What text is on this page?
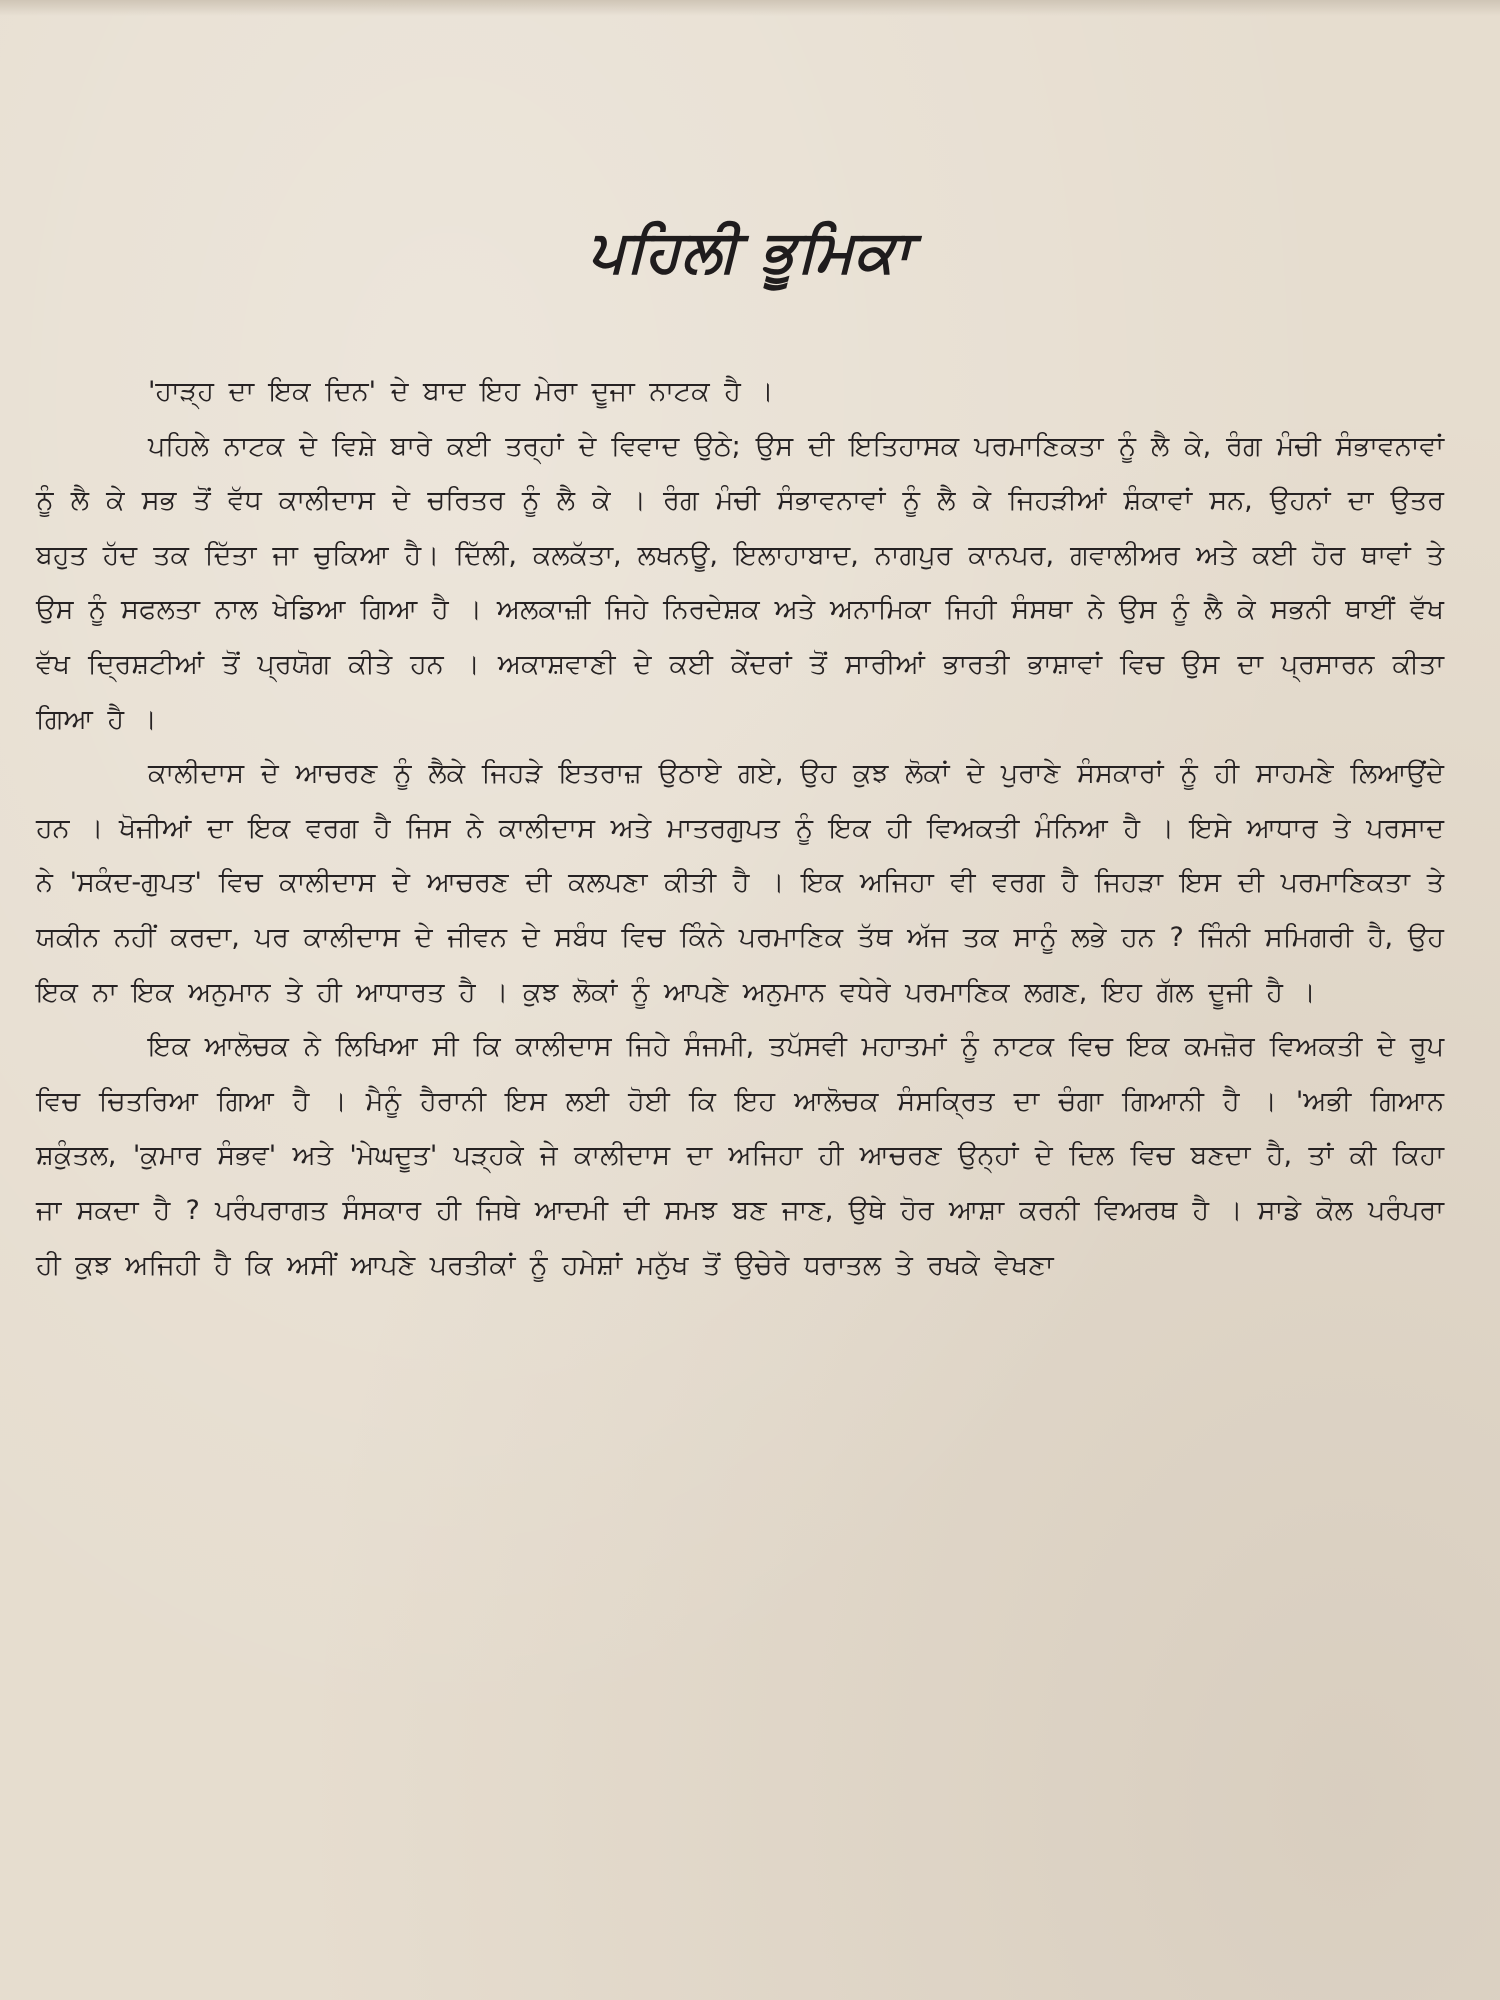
ਪਹਿਲੀ ਭੂਮਿਕਾ

'ਹਾੜ੍ਹ ਦਾ ਇਕ ਦਿਨ' ਦੇ ਬਾਦ ਇਹ ਮੇਰਾ ਦੂਜਾ ਨਾਟਕ ਹੈ ।

ਪਹਿਲੇ ਨਾਟਕ ਦੇ ਵਿਸ਼ੇ ਬਾਰੇ ਕਈ ਤਰ੍ਹਾਂ ਦੇ ਵਿਵਾਦ ਉਠੇ; ਉਸ ਦੀ ਇਤਿਹਾਸਕ ਪਰਮਾਣਿਕਤਾ ਨੂੰ ਲੈ ਕੇ, ਰੰਗ ਮੰਚੀ ਸੰਭਾਵਨਾਵਾਂ ਨੂੰ ਲੈ ਕੇ ਸਭ ਤੋਂ ਵੱਧ ਕਾਲੀਦਾਸ ਦੇ ਚਰਿਤਰ ਨੂੰ ਲੈ ਕੇ । ਰੰਗ ਮੰਚੀ ਸੰਭਾਵਨਾਵਾਂ ਨੂੰ ਲੈ ਕੇ ਜਿਹੜੀਆਂ ਸ਼ੰਕਾਵਾਂ ਸਨ, ਉਹਨਾਂ ਦਾ ਉਤਰ ਬਹੁਤ ਹੱਦ ਤਕ ਦਿੱਤਾ ਜਾ ਚੁਕਿਆ ਹੈ। ਦਿੱਲੀ, ਕਲਕੱਤਾ, ਲਖਨਊ, ਇਲਾਹਾਬਾਦ, ਨਾਗਪੁਰ ਕਾਨਪਰ, ਗਵਾਲੀਅਰ ਅਤੇ ਕਈ ਹੋਰ ਥਾਵਾਂ ਤੇ ਉਸ ਨੂੰ ਸਫਲਤਾ ਨਾਲ ਖੇਡਿਆ ਗਿਆ ਹੈ । ਅਲਕਾਜ਼ੀ ਜਿਹੇ ਨਿਰਦੇਸ਼ਕ ਅਤੇ ਅਨਾਮਿਕਾ ਜਿਹੀ ਸੰਸਥਾ ਨੇ ਉਸ ਨੂੰ ਲੈ ਕੇ ਸਭਨੀ ਥਾਈਂ ਵੱਖ ਵੱਖ ਦ੍ਰਿਸ਼ਟੀਆਂ ਤੋਂ ਪ੍ਰਯੋਗ ਕੀਤੇ ਹਨ । ਅਕਾਸ਼ਵਾਣੀ ਦੇ ਕਈ ਕੇਂਦਰਾਂ ਤੋਂ ਸਾਰੀਆਂ ਭਾਰਤੀ ਭਾਸ਼ਾਵਾਂ ਵਿਚ ਉਸ ਦਾ ਪ੍ਰਸਾਰਨ ਕੀਤਾ ਗਿਆ ਹੈ ।

ਕਾਲੀਦਾਸ ਦੇ ਆਚਰਣ ਨੂੰ ਲੈਕੇ ਜਿਹੜੇ ਇਤਰਾਜ਼ ਉਠਾਏ ਗਏ, ਉਹ ਕੁਝ ਲੋਕਾਂ ਦੇ ਪੁਰਾਣੇ ਸੰਸਕਾਰਾਂ ਨੂੰ ਹੀ ਸਾਹਮਣੇ ਲਿਆਉਂਦੇ ਹਨ । ਖੋਜੀਆਂ ਦਾ ਇਕ ਵਰਗ ਹੈ ਜਿਸ ਨੇ ਕਾਲੀਦਾਸ ਅਤੇ ਮਾਤਰਗੁਪਤ ਨੂੰ ਇਕ ਹੀ ਵਿਅਕਤੀ ਮੰਨਿਆ ਹੈ । ਇਸੇ ਆਧਾਰ ਤੇ ਪਰਸਾਦ ਨੇ 'ਸਕੰਦ-ਗੁਪਤ' ਵਿਚ ਕਾਲੀਦਾਸ ਦੇ ਆਚਰਣ ਦੀ ਕਲਪਣਾ ਕੀਤੀ ਹੈ । ਇਕ ਅਜਿਹਾ ਵੀ ਵਰਗ ਹੈ ਜਿਹੜਾ ਇਸ ਦੀ ਪਰਮਾਣਿਕਤਾ ਤੇ ਯਕੀਨ ਨਹੀਂ ਕਰਦਾ, ਪਰ ਕਾਲੀਦਾਸ ਦੇ ਜੀਵਨ ਦੇ ਸਬੰਧ ਵਿਚ ਕਿੰਨੇ ਪਰਮਾਣਿਕ ਤੱਥ ਅੱਜ ਤਕ ਸਾਨੂੰ ਲਭੇ ਹਨ ? ਜਿੰਨੀ ਸਮਿਗਰੀ ਹੈ, ਉਹ ਇਕ ਨਾ ਇਕ ਅਨੁਮਾਨ ਤੇ ਹੀ ਆਧਾਰਤ ਹੈ । ਕੁਝ ਲੋਕਾਂ ਨੂੰ ਆਪਣੇ ਅਨੁਮਾਨ ਵਧੇਰੇ ਪਰਮਾਣਿਕ ਲਗਣ, ਇਹ ਗੱਲ ਦੂਜੀ ਹੈ ।

ਇਕ ਆਲੋਚਕ ਨੇ ਲਿਖਿਆ ਸੀ ਕਿ ਕਾਲੀਦਾਸ ਜਿਹੇ ਸੰਜਮੀ, ਤਪੱਸਵੀ ਮਹਾਤਮਾਂ ਨੂੰ ਨਾਟਕ ਵਿਚ ਇਕ ਕਮਜ਼ੋਰ ਵਿਅਕਤੀ ਦੇ ਰੂਪ ਵਿਚ ਚਿਤਰਿਆ ਗਿਆ ਹੈ । ਮੈਨੂੰ ਹੈਰਾਨੀ ਇਸ ਲਈ ਹੋਈ ਕਿ ਇਹ ਆਲੋਚਕ ਸੰਸਕ੍ਰਿਤ ਦਾ ਚੰਗਾ ਗਿਆਨੀ ਹੈ । 'ਅਭੀ ਗਿਆਨ ਸ਼ਕੁੰਤਲ, 'ਕੁਮਾਰ ਸੰਭਵ' ਅਤੇ 'ਮੇਘਦੂਤ' ਪੜ੍ਹਕੇ ਜੇ ਕਾਲੀਦਾਸ ਦਾ ਅਜਿਹਾ ਹੀ ਆਚਰਣ ਉਨ੍ਹਾਂ ਦੇ ਦਿਲ ਵਿਚ ਬਣਦਾ ਹੈ, ਤਾਂ ਕੀ ਕਿਹਾ ਜਾ ਸਕਦਾ ਹੈ ? ਪਰੰਪਰਾਗਤ ਸੰਸਕਾਰ ਹੀ ਜਿਥੇ ਆਦਮੀ ਦੀ ਸਮਝ ਬਣ ਜਾਣ, ਉਥੇ ਹੋਰ ਆਸ਼ਾ ਕਰਨੀ ਵਿਅਰਥ ਹੈ । ਸਾਡੇ ਕੋਲ ਪਰੰਪਰਾ ਹੀ ਕੁਝ ਅਜਿਹੀ ਹੈ ਕਿ ਅਸੀਂ ਆਪਣੇ ਪਰਤੀਕਾਂ ਨੂੰ ਹਮੇਸ਼ਾਂ ਮਨੁੱਖ ਤੋਂ ਉਚੇਰੇ ਧਰਾਤਲ ਤੇ ਰਖਕੇ ਵੇਖਣਾ
